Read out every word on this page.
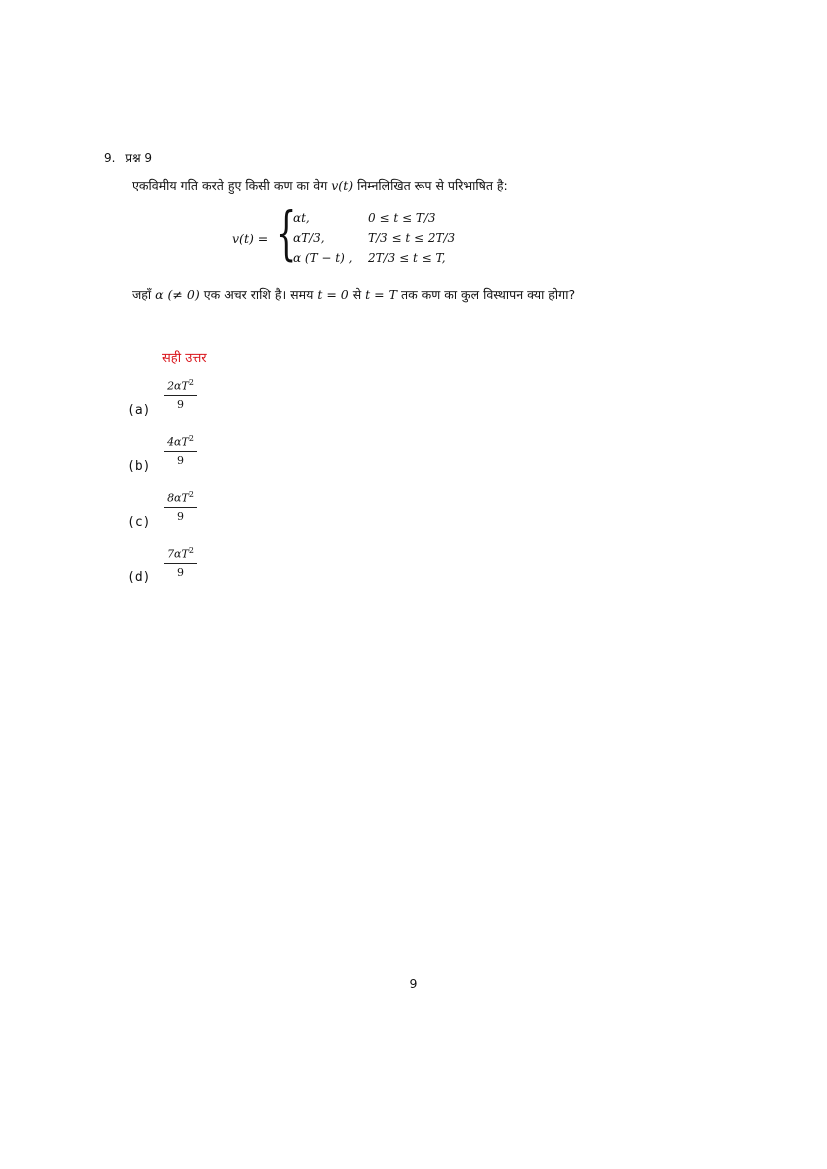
9. प्रश्न 9
एकविमीय गति करते हुए किसी कण का वेग v(t) निम्नलिखित रूप से परिभाषित है:
v(t) = {
αt,	0 ≤ t ≤ T/3
αT/3,	T/3 ≤ t ≤ 2T/3
α (T − t) , 2T/3 ≤ t ≤ T,
जहाँ α (≠ 0) एक अचर राशि है। समय t = 0 से t = T तक कण का कुल विस्थापन क्या होगा?
सही उत्तर
(a)
$2\alpha T^2$
9
(b)
$4\alpha T^2$
9
(c)
$8\alpha T^2$
9
(d)
$7\alpha T^2$
9
9
